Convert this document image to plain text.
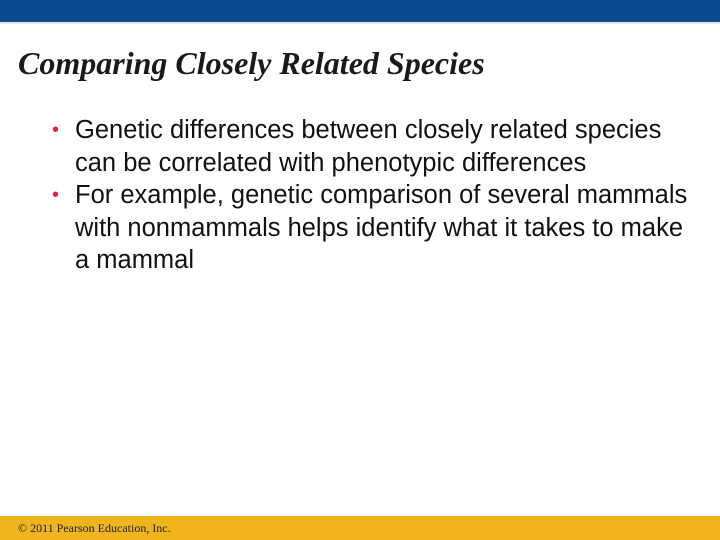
Comparing Closely Related Species
• Genetic differences between closely related species can be correlated with phenotypic differences
• For example, genetic comparison of several mammals with nonmammals helps identify what it takes to make a mammal
© 2011 Pearson Education, Inc.
